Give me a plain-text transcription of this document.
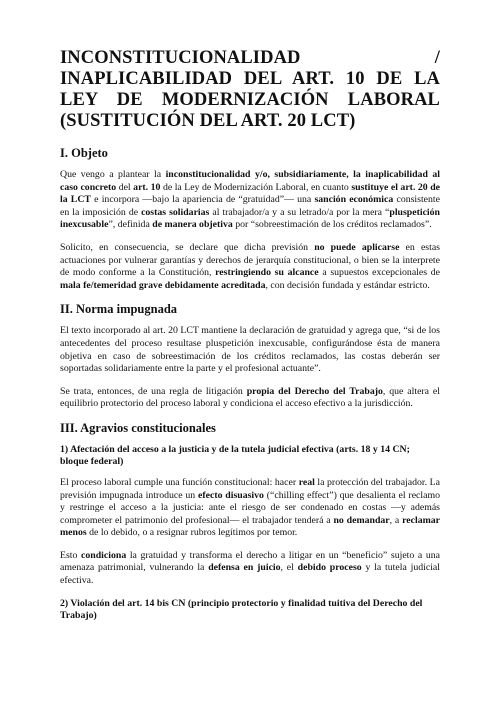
INCONSTITUCIONALIDAD / INAPLICABILIDAD DEL ART. 10 DE LA LEY DE MODERNIZACIÓN LABORAL (SUSTITUCIÓN DEL ART. 20 LCT)
I. Objeto

Que vengo a plantear la inconstitucionalidad y/o, subsidiariamente, la inaplicabilidad al caso concreto del art. 10 de la Ley de Modernización Laboral, en cuanto sustituye el art. 20 de la LCT e incorpora —bajo la apariencia de “gratuidad”— una sanción económica consistente en la imposición de costas solidarias al trabajador/a y a su letrado/a por la mera “pluspetición inexcusable”, definida de manera objetiva por “sobreestimación de los créditos reclamados”.

Solicito, en consecuencia, se declare que dicha previsión no puede aplicarse en estas actuaciones por vulnerar garantías y derechos de jerarquía constitucional, o bien se la interprete de modo conforme a la Constitución, restringiendo su alcance a supuestos excepcionales de mala fe/temeridad grave debidamente acreditada, con decisión fundada y estándar estricto.

II. Norma impugnada

El texto incorporado al art. 20 LCT mantiene la declaración de gratuidad y agrega que, “si de los antecedentes del proceso resultase pluspetición inexcusable, configurándose ésta de manera objetiva en caso de sobreestimación de los créditos reclamados, las costas deberán ser soportadas solidariamente entre la parte y el profesional actuante”.

Se trata, entonces, de una regla de litigación propia del Derecho del Trabajo, que altera el equilibrio protectorio del proceso laboral y condiciona el acceso efectivo a la jurisdicción.

III. Agravios constitucionales
1) Afectación del acceso a la justicia y de la tutela judicial efectiva (arts. 18 y 14 CN; bloque federal)

El proceso laboral cumple una función constitucional: hacer real la protección del trabajador. La previsión impugnada introduce un efecto disuasivo (“chilling effect”) que desalienta el reclamo y restringe el acceso a la justicia: ante el riesgo de ser condenado en costas —y además comprometer el patrimonio del profesional— el trabajador tenderá a no demandar, a reclamar menos de lo debido, o a resignar rubros legítimos por temor.

Esto condiciona la gratuidad y transforma el derecho a litigar en un “beneficio” sujeto a una amenaza patrimonial, vulnerando la defensa en juicio, el debido proceso y la tutela judicial efectiva.

2) Violación del art. 14 bis CN (principio protectorio y finalidad tuitiva del Derecho del Trabajo)
